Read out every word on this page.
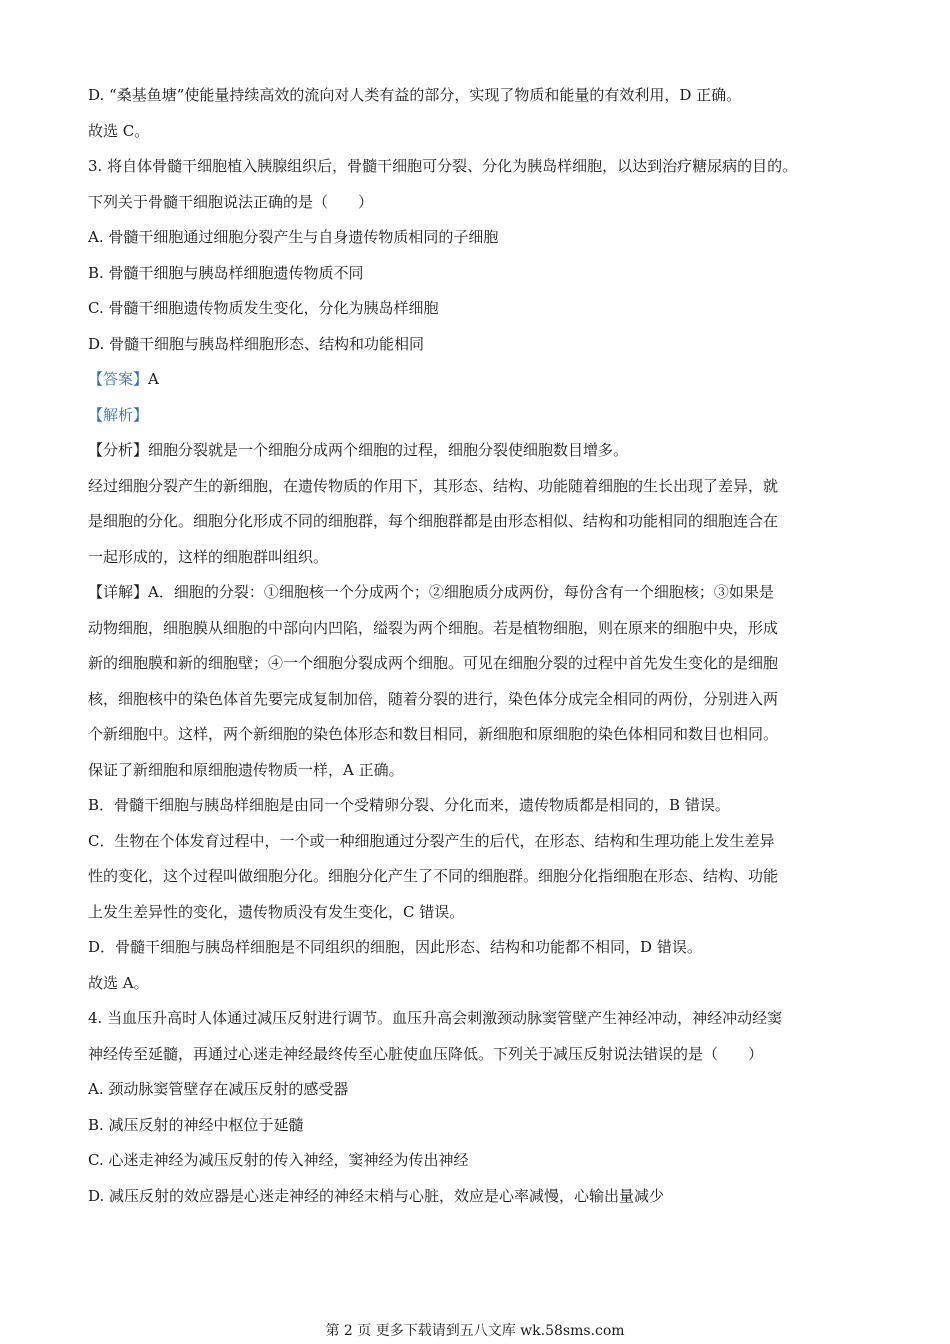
D. “桑基鱼塘”使能量持续高效的流向对人类有益的部分，实现了物质和能量的有效利用，D 正确。
故选 C。
3. 将自体骨髓干细胞植入胰腺组织后，骨髓干细胞可分裂、分化为胰岛样细胞，以达到治疗糖尿病的目的。
下列关于骨髓干细胞说法正确的是（　　）
A. 骨髓干细胞通过细胞分裂产生与自身遗传物质相同的子细胞
B. 骨髓干细胞与胰岛样细胞遗传物质不同
C. 骨髓干细胞遗传物质发生变化，分化为胰岛样细胞
D. 骨髓干细胞与胰岛样细胞形态、结构和功能相同
【答案】A
【解析】
【分析】细胞分裂就是一个细胞分成两个细胞的过程，细胞分裂使细胞数目增多。
经过细胞分裂产生的新细胞，在遗传物质的作用下，其形态、结构、功能随着细胞的生长出现了差异，就
是细胞的分化。细胞分化形成不同的细胞群，每个细胞群都是由形态相似、结构和功能相同的细胞连合在
一起形成的，这样的细胞群叫组织。
【详解】A．细胞的分裂：①细胞核一个分成两个；②细胞质分成两份，每份含有一个细胞核；③如果是
动物细胞，细胞膜从细胞的中部向内凹陷，缢裂为两个细胞。若是植物细胞，则在原来的细胞中央，形成
新的细胞膜和新的细胞壁；④一个细胞分裂成两个细胞。可见在细胞分裂的过程中首先发生变化的是细胞
核，细胞核中的染色体首先要完成复制加倍，随着分裂的进行，染色体分成完全相同的两份，分别进入两
个新细胞中。这样，两个新细胞的染色体形态和数目相同，新细胞和原细胞的染色体相同和数目也相同。
保证了新细胞和原细胞遗传物质一样，A 正确。
B．骨髓干细胞与胰岛样细胞是由同一个受精卵分裂、分化而来，遗传物质都是相同的，B 错误。
C．生物在个体发育过程中，一个或一种细胞通过分裂产生的后代，在形态、结构和生理功能上发生差异
性的变化，这个过程叫做细胞分化。细胞分化产生了不同的细胞群。细胞分化指细胞在形态、结构、功能
上发生差异性的变化，遗传物质没有发生变化，C 错误。
D．骨髓干细胞与胰岛样细胞是不同组织的细胞，因此形态、结构和功能都不相同，D 错误。
故选 A。
4. 当血压升高时人体通过减压反射进行调节。血压升高会刺激颈动脉窦管壁产生神经冲动，神经冲动经窦
神经传至延髓，再通过心迷走神经最终传至心脏使血压降低。下列关于减压反射说法错误的是（　　）
A. 颈动脉窦管壁存在减压反射的感受器
B. 减压反射的神经中枢位于延髓
C. 心迷走神经为减压反射的传入神经，窦神经为传出神经
D. 减压反射的效应器是心迷走神经的神经末梢与心脏，效应是心率减慢，心输出量减少
第 2 页 更多下载请到五八文库 wk.58sms.com
